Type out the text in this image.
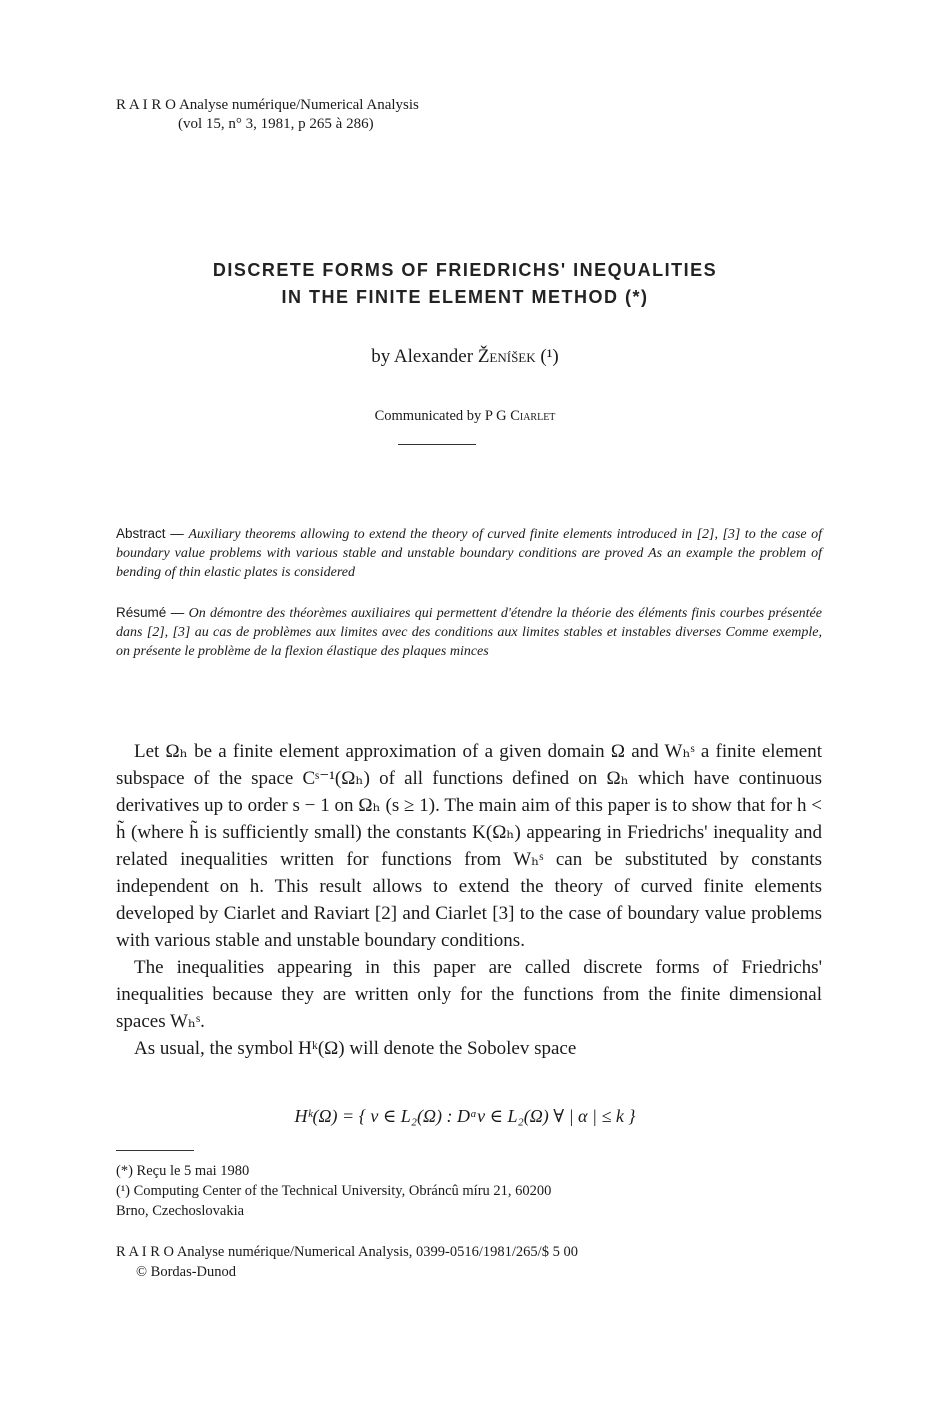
R A I R O Analyse numérique/Numerical Analysis
(vol 15, n° 3, 1981, p 265 à 286)
DISCRETE FORMS OF FRIEDRICHS' INEQUALITIES
IN THE FINITE ELEMENT METHOD (*)
by Alexander Ženíšek (¹)
Communicated by P G Ciarlet
Abstract — Auxiliary theorems allowing to extend the theory of curved finite elements introduced in [2], [3] to the case of boundary value problems with various stable and unstable boundary conditions are proved As an example the problem of bending of thin elastic plates is considered
Résumé — On démontre des théorèmes auxiliaires qui permettent d'étendre la théorie des éléments finis courbes présentée dans [2], [3] au cas de problèmes aux limites avec des conditions aux limites stables et instables diverses Comme exemple, on présente le problème de la flexion élastique des plaques minces

Let Ωₕ be a finite element approximation of a given domain Ω and Wₕˢ a finite element subspace of the space Cˢ⁻¹(Ωₕ) of all functions defined on Ωₕ which have continuous derivatives up to order s − 1 on Ωₕ (s ≥ 1). The main aim of this paper is to show that for h < h̃ (where h̃ is sufficiently small) the constants K(Ωₕ) appearing in Friedrichs' inequality and related inequalities written for functions from Wₕˢ can be substituted by constants independent on h. This result allows to extend the theory of curved finite elements developed by Ciarlet and Raviart [2] and Ciarlet [3] to the case of boundary value problems with various stable and unstable boundary conditions.

The inequalities appearing in this paper are called discrete forms of Friedrichs' inequalities because they are written only for the functions from the finite dimensional spaces Wₕˢ.

As usual, the symbol Hᵏ(Ω) will denote the Sobolev space

Hᵏ(Ω) = { v ∈ L₂(Ω) : Dᵅv ∈ L₂(Ω) ∀ | α | ≤ k }
(*) Reçu le 5 mai 1980
(¹) Computing Center of the Technical University, Obráncû míru 21, 60200
Brno, Czechoslovakia
R A I R O Analyse numérique/Numerical Analysis, 0399-0516/1981/265/$ 5 00
© Bordas-Dunod
